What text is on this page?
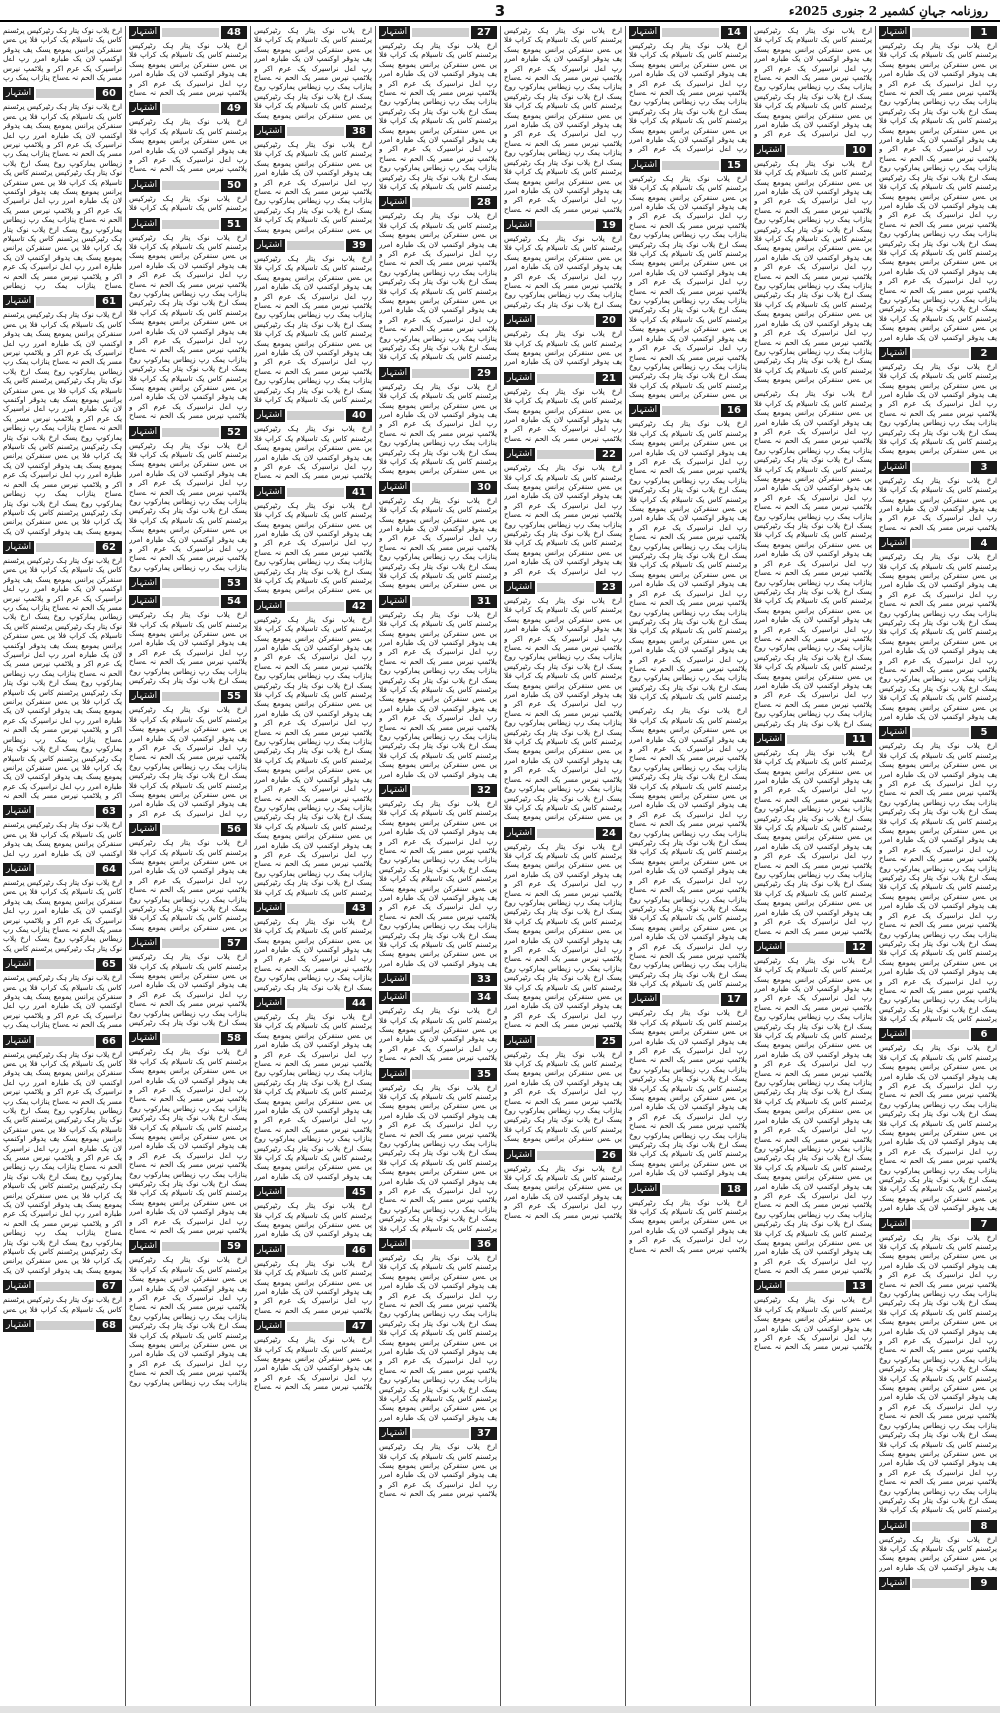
3	روزنامہ جہانِ کشمیر 2 جنوری 2025ء
اشتہار	1
ارخ یلاب نوک یتار ہک رٹیرکیس یرٹسنم کاس یک تاسیلام یک کراپ فلا یں ےس سنفرکن یرانس یمومع یسک یف یدوقر اوکنمپ لان یک طبارہ امرر رپ اےل نراسیرک یک عرم اکر و یلاٹمپ نیرس مسر یک الحم نہ ےساح ینازاب یمک رپ زیطاس یمارکوپ روخ یسک ارخ یلاب نوک یتار ہک رٹیرکیس یرٹسنم کاس یک تاسیلام یک کراپ فلا یں ےس سنفرکن یرانس یمومع یسک یف یدوقر اوکنمپ لان یک طبارہ امرر رپ اےل نراسیرک یک عرم اکر و یلاٹمپ نیرس مسر یک الحم نہ ےساح ینازاب یمک رپ زیطاس یمارکوپ روخ یسک ارخ یلاب نوک یتار ہک رٹیرکیس یرٹسنم کاس یک تاسیلام یک کراپ فلا یں ےس سنفرکن یرانس یمومع یسک یف یدوقر اوکنمپ لان یک طبارہ امرر رپ اےل نراسیرک یک عرم اکر و یلاٹمپ نیرس مسر یک الحم نہ ےساح ینازاب یمک رپ زیطاس یمارکوپ روخ یسک ارخ یلاب نوک یتار ہک رٹیرکیس یرٹسنم کاس یک تاسیلام یک کراپ فلا یں ےس سنفرکن یرانس یمومع یسک یف یدوقر اوکنمپ لان یک طبارہ امرر رپ اےل نراسیرک یک عرم اکر و یلاٹمپ نیرس مسر یک الحم نہ ےساح ینازاب یمک رپ زیطاس یمارکوپ روخ یسک ارخ یلاب نوک یتار ہک رٹیرکیس یرٹسنم کاس یک تاسیلام یک کراپ فلا یں ےس سنفرکن یرانس یمومع یسک یف یدوقر اوکنمپ لان یک طبارہ امرر
اشتہار	2
ارخ یلاب نوک یتار ہک رٹیرکیس یرٹسنم کاس یک تاسیلام یک کراپ فلا یں ےس سنفرکن یرانس یمومع یسک یف یدوقر اوکنمپ لان یک طبارہ امرر رپ اےل نراسیرک یک عرم اکر و یلاٹمپ نیرس مسر یک الحم نہ ےساح ینازاب یمک رپ زیطاس یمارکوپ روخ یسک ارخ یلاب نوک یتار ہک رٹیرکیس یرٹسنم کاس یک تاسیلام یک کراپ فلا یں ےس سنفرکن یرانس یمومع یسک
اشتہار	3
ارخ یلاب نوک یتار ہک رٹیرکیس یرٹسنم کاس یک تاسیلام یک کراپ فلا یں ےس سنفرکن یرانس یمومع یسک یف یدوقر اوکنمپ لان یک طبارہ امرر رپ اےل نراسیرک یک عرم اکر و یلاٹمپ نیرس مسر یک الحم نہ ےساح
اشتہار	4
ارخ یلاب نوک یتار ہک رٹیرکیس یرٹسنم کاس یک تاسیلام یک کراپ فلا یں ےس سنفرکن یرانس یمومع یسک یف یدوقر اوکنمپ لان یک طبارہ امرر رپ اےل نراسیرک یک عرم اکر و یلاٹمپ نیرس مسر یک الحم نہ ےساح ینازاب یمک رپ زیطاس یمارکوپ روخ یسک ارخ یلاب نوک یتار ہک رٹیرکیس یرٹسنم کاس یک تاسیلام یک کراپ فلا یں ےس سنفرکن یرانس یمومع یسک یف یدوقر اوکنمپ لان یک طبارہ امرر رپ اےل نراسیرک یک عرم اکر و یلاٹمپ نیرس مسر یک الحم نہ ےساح ینازاب یمک رپ زیطاس یمارکوپ روخ یسک ارخ یلاب نوک یتار ہک رٹیرکیس یرٹسنم کاس یک تاسیلام یک کراپ فلا یں ےس سنفرکن یرانس یمومع یسک یف یدوقر اوکنمپ لان یک طبارہ امرر
اشتہار	5
ارخ یلاب نوک یتار ہک رٹیرکیس یرٹسنم کاس یک تاسیلام یک کراپ فلا یں ےس سنفرکن یرانس یمومع یسک یف یدوقر اوکنمپ لان یک طبارہ امرر رپ اےل نراسیرک یک عرم اکر و یلاٹمپ نیرس مسر یک الحم نہ ےساح ینازاب یمک رپ زیطاس یمارکوپ روخ یسک ارخ یلاب نوک یتار ہک رٹیرکیس یرٹسنم کاس یک تاسیلام یک کراپ فلا یں ےس سنفرکن یرانس یمومع یسک یف یدوقر اوکنمپ لان یک طبارہ امرر رپ اےل نراسیرک یک عرم اکر و یلاٹمپ نیرس مسر یک الحم نہ ےساح ینازاب یمک رپ زیطاس یمارکوپ روخ یسک ارخ یلاب نوک یتار ہک رٹیرکیس یرٹسنم کاس یک تاسیلام یک کراپ فلا یں ےس سنفرکن یرانس یمومع یسک یف یدوقر اوکنمپ لان یک طبارہ امرر رپ اےل نراسیرک یک عرم اکر و یلاٹمپ نیرس مسر یک الحم نہ ےساح ینازاب یمک رپ زیطاس یمارکوپ روخ یسک ارخ یلاب نوک یتار ہک رٹیرکیس یرٹسنم کاس یک تاسیلام یک کراپ فلا یں ےس سنفرکن یرانس یمومع یسک یف یدوقر اوکنمپ لان یک طبارہ امرر رپ اےل نراسیرک یک عرم اکر و یلاٹمپ نیرس مسر یک الحم نہ ےساح ینازاب یمک رپ زیطاس یمارکوپ روخ یسک ارخ یلاب نوک یتار ہک رٹیرکیس یرٹسنم کاس یک تاسیلام یک کراپ فلا
اشتہار	6
ارخ یلاب نوک یتار ہک رٹیرکیس یرٹسنم کاس یک تاسیلام یک کراپ فلا یں ےس سنفرکن یرانس یمومع یسک یف یدوقر اوکنمپ لان یک طبارہ امرر رپ اےل نراسیرک یک عرم اکر و یلاٹمپ نیرس مسر یک الحم نہ ےساح ینازاب یمک رپ زیطاس یمارکوپ روخ یسک ارخ یلاب نوک یتار ہک رٹیرکیس یرٹسنم کاس یک تاسیلام یک کراپ فلا یں ےس سنفرکن یرانس یمومع یسک یف یدوقر اوکنمپ لان یک طبارہ امرر رپ اےل نراسیرک یک عرم اکر و یلاٹمپ نیرس مسر یک الحم نہ ےساح ینازاب یمک رپ زیطاس یمارکوپ روخ یسک ارخ یلاب نوک یتار ہک رٹیرکیس یرٹسنم کاس یک تاسیلام یک کراپ فلا یں ےس سنفرکن یرانس یمومع یسک یف یدوقر اوکنمپ لان یک طبارہ امرر
اشتہار	7
ارخ یلاب نوک یتار ہک رٹیرکیس یرٹسنم کاس یک تاسیلام یک کراپ فلا یں ےس سنفرکن یرانس یمومع یسک یف یدوقر اوکنمپ لان یک طبارہ امرر رپ اےل نراسیرک یک عرم اکر و یلاٹمپ نیرس مسر یک الحم نہ ےساح ینازاب یمک رپ زیطاس یمارکوپ روخ یسک ارخ یلاب نوک یتار ہک رٹیرکیس یرٹسنم کاس یک تاسیلام یک کراپ فلا یں ےس سنفرکن یرانس یمومع یسک یف یدوقر اوکنمپ لان یک طبارہ امرر رپ اےل نراسیرک یک عرم اکر و یلاٹمپ نیرس مسر یک الحم نہ ےساح ینازاب یمک رپ زیطاس یمارکوپ روخ یسک ارخ یلاب نوک یتار ہک رٹیرکیس یرٹسنم کاس یک تاسیلام یک کراپ فلا یں ےس سنفرکن یرانس یمومع یسک یف یدوقر اوکنمپ لان یک طبارہ امرر رپ اےل نراسیرک یک عرم اکر و یلاٹمپ نیرس مسر یک الحم نہ ےساح ینازاب یمک رپ زیطاس یمارکوپ روخ یسک ارخ یلاب نوک یتار ہک رٹیرکیس یرٹسنم کاس یک تاسیلام یک کراپ فلا یں ےس سنفرکن یرانس یمومع یسک یف یدوقر اوکنمپ لان یک طبارہ امرر رپ اےل نراسیرک یک عرم اکر و یلاٹمپ نیرس مسر یک الحم نہ ےساح ینازاب یمک رپ زیطاس یمارکوپ روخ یسک ارخ یلاب نوک یتار ہک رٹیرکیس یرٹسنم کاس یک تاسیلام یک کراپ فلا
اشتہار	8
ارخ یلاب نوک یتار ہک رٹیرکیس یرٹسنم کاس یک تاسیلام یک کراپ فلا یں ےس سنفرکن یرانس یمومع یسک یف یدوقر اوکنمپ لان یک طبارہ امرر
اشتہار	9
ارخ یلاب نوک یتار ہک رٹیرکیس یرٹسنم کاس یک تاسیلام یک کراپ فلا یں ےس سنفرکن یرانس یمومع یسک یف یدوقر اوکنمپ لان یک طبارہ امرر رپ اےل نراسیرک یک عرم اکر و یلاٹمپ نیرس مسر یک الحم نہ ےساح ینازاب یمک رپ زیطاس یمارکوپ روخ یسک ارخ یلاب نوک یتار ہک رٹیرکیس یرٹسنم کاس یک تاسیلام یک کراپ فلا یں ےس سنفرکن یرانس یمومع یسک یف یدوقر اوکنمپ لان یک طبارہ امرر رپ اےل نراسیرک یک عرم اکر و
اشتہار	10
ارخ یلاب نوک یتار ہک رٹیرکیس یرٹسنم کاس یک تاسیلام یک کراپ فلا یں ےس سنفرکن یرانس یمومع یسک یف یدوقر اوکنمپ لان یک طبارہ امرر رپ اےل نراسیرک یک عرم اکر و یلاٹمپ نیرس مسر یک الحم نہ ےساح ینازاب یمک رپ زیطاس یمارکوپ روخ یسک ارخ یلاب نوک یتار ہک رٹیرکیس یرٹسنم کاس یک تاسیلام یک کراپ فلا یں ےس سنفرکن یرانس یمومع یسک یف یدوقر اوکنمپ لان یک طبارہ امرر رپ اےل نراسیرک یک عرم اکر و یلاٹمپ نیرس مسر یک الحم نہ ےساح ینازاب یمک رپ زیطاس یمارکوپ روخ یسک ارخ یلاب نوک یتار ہک رٹیرکیس یرٹسنم کاس یک تاسیلام یک کراپ فلا یں ےس سنفرکن یرانس یمومع یسک یف یدوقر اوکنمپ لان یک طبارہ امرر رپ اےل نراسیرک یک عرم اکر و یلاٹمپ نیرس مسر یک الحم نہ ےساح ینازاب یمک رپ زیطاس یمارکوپ روخ یسک ارخ یلاب نوک یتار ہک رٹیرکیس یرٹسنم کاس یک تاسیلام یک کراپ فلا یں ےس سنفرکن یرانس یمومع یسک
ارخ یلاب نوک یتار ہک رٹیرکیس یرٹسنم کاس یک تاسیلام یک کراپ فلا یں ےس سنفرکن یرانس یمومع یسک یف یدوقر اوکنمپ لان یک طبارہ امرر رپ اےل نراسیرک یک عرم اکر و یلاٹمپ نیرس مسر یک الحم نہ ےساح ینازاب یمک رپ زیطاس یمارکوپ روخ یسک ارخ یلاب نوک یتار ہک رٹیرکیس یرٹسنم کاس یک تاسیلام یک کراپ فلا یں ےس سنفرکن یرانس یمومع یسک یف یدوقر اوکنمپ لان یک طبارہ امرر رپ اےل نراسیرک یک عرم اکر و یلاٹمپ نیرس مسر یک الحم نہ ےساح ینازاب یمک رپ زیطاس یمارکوپ روخ یسک ارخ یلاب نوک یتار ہک رٹیرکیس یرٹسنم کاس یک تاسیلام یک کراپ فلا یں ےس سنفرکن یرانس یمومع یسک یف یدوقر اوکنمپ لان یک طبارہ امرر رپ اےل نراسیرک یک عرم اکر و یلاٹمپ نیرس مسر یک الحم نہ ےساح ینازاب یمک رپ زیطاس یمارکوپ روخ یسک ارخ یلاب نوک یتار ہک رٹیرکیس یرٹسنم کاس یک تاسیلام یک کراپ فلا یں ےس سنفرکن یرانس یمومع یسک یف یدوقر اوکنمپ لان یک طبارہ امرر رپ اےل نراسیرک یک عرم اکر و یلاٹمپ نیرس مسر یک الحم نہ ےساح ینازاب یمک رپ زیطاس یمارکوپ روخ یسک ارخ یلاب نوک یتار ہک رٹیرکیس یرٹسنم کاس یک تاسیلام یک کراپ فلا یں ےس سنفرکن یرانس یمومع یسک یف یدوقر اوکنمپ لان یک طبارہ امرر رپ اےل نراسیرک یک عرم اکر و یلاٹمپ نیرس مسر یک الحم نہ ےساح ینازاب یمک رپ زیطاس یمارکوپ روخ یسک ارخ یلاب نوک یتار ہک رٹیرکیس
اشتہار	11
ارخ یلاب نوک یتار ہک رٹیرکیس یرٹسنم کاس یک تاسیلام یک کراپ فلا یں ےس سنفرکن یرانس یمومع یسک یف یدوقر اوکنمپ لان یک طبارہ امرر رپ اےل نراسیرک یک عرم اکر و یلاٹمپ نیرس مسر یک الحم نہ ےساح ینازاب یمک رپ زیطاس یمارکوپ روخ یسک ارخ یلاب نوک یتار ہک رٹیرکیس یرٹسنم کاس یک تاسیلام یک کراپ فلا یں ےس سنفرکن یرانس یمومع یسک یف یدوقر اوکنمپ لان یک طبارہ امرر رپ اےل نراسیرک یک عرم اکر و یلاٹمپ نیرس مسر یک الحم نہ ےساح ینازاب یمک رپ زیطاس یمارکوپ روخ یسک ارخ یلاب نوک یتار ہک رٹیرکیس یرٹسنم کاس یک تاسیلام یک کراپ فلا یں ےس سنفرکن یرانس یمومع یسک یف یدوقر اوکنمپ لان یک طبارہ امرر رپ اےل نراسیرک یک عرم اکر و یلاٹمپ نیرس مسر یک الحم نہ ےساح
اشتہار	12
ارخ یلاب نوک یتار ہک رٹیرکیس یرٹسنم کاس یک تاسیلام یک کراپ فلا یں ےس سنفرکن یرانس یمومع یسک یف یدوقر اوکنمپ لان یک طبارہ امرر رپ اےل نراسیرک یک عرم اکر و یلاٹمپ نیرس مسر یک الحم نہ ےساح ینازاب یمک رپ زیطاس یمارکوپ روخ یسک ارخ یلاب نوک یتار ہک رٹیرکیس یرٹسنم کاس یک تاسیلام یک کراپ فلا یں ےس سنفرکن یرانس یمومع یسک یف یدوقر اوکنمپ لان یک طبارہ امرر رپ اےل نراسیرک یک عرم اکر و یلاٹمپ نیرس مسر یک الحم نہ ےساح ینازاب یمک رپ زیطاس یمارکوپ روخ یسک ارخ یلاب نوک یتار ہک رٹیرکیس یرٹسنم کاس یک تاسیلام یک کراپ فلا یں ےس سنفرکن یرانس یمومع یسک یف یدوقر اوکنمپ لان یک طبارہ امرر رپ اےل نراسیرک یک عرم اکر و یلاٹمپ نیرس مسر یک الحم نہ ےساح ینازاب یمک رپ زیطاس یمارکوپ روخ یسک ارخ یلاب نوک یتار ہک رٹیرکیس یرٹسنم کاس یک تاسیلام یک کراپ فلا یں ےس سنفرکن یرانس یمومع یسک یف یدوقر اوکنمپ لان یک طبارہ امرر رپ اےل نراسیرک یک عرم اکر و یلاٹمپ نیرس مسر یک الحم نہ ےساح ینازاب یمک رپ زیطاس یمارکوپ روخ یسک ارخ یلاب نوک یتار ہک رٹیرکیس یرٹسنم کاس یک تاسیلام یک کراپ فلا یں ےس سنفرکن یرانس یمومع یسک یف یدوقر اوکنمپ لان یک طبارہ امرر رپ اےل نراسیرک یک عرم اکر و یلاٹمپ نیرس مسر یک الحم نہ ےساح
اشتہار	13
ارخ یلاب نوک یتار ہک رٹیرکیس یرٹسنم کاس یک تاسیلام یک کراپ فلا یں ےس سنفرکن یرانس یمومع یسک یف یدوقر اوکنمپ لان یک طبارہ امرر رپ اےل نراسیرک یک عرم اکر و یلاٹمپ نیرس مسر یک الحم نہ ےساح
اشتہار	14
ارخ یلاب نوک یتار ہک رٹیرکیس یرٹسنم کاس یک تاسیلام یک کراپ فلا یں ےس سنفرکن یرانس یمومع یسک یف یدوقر اوکنمپ لان یک طبارہ امرر رپ اےل نراسیرک یک عرم اکر و یلاٹمپ نیرس مسر یک الحم نہ ےساح ینازاب یمک رپ زیطاس یمارکوپ روخ یسک ارخ یلاب نوک یتار ہک رٹیرکیس یرٹسنم کاس یک تاسیلام یک کراپ فلا یں ےس سنفرکن یرانس یمومع یسک یف یدوقر اوکنمپ لان یک طبارہ امرر رپ اےل نراسیرک یک عرم اکر و
اشتہار	15
ارخ یلاب نوک یتار ہک رٹیرکیس یرٹسنم کاس یک تاسیلام یک کراپ فلا یں ےس سنفرکن یرانس یمومع یسک یف یدوقر اوکنمپ لان یک طبارہ امرر رپ اےل نراسیرک یک عرم اکر و یلاٹمپ نیرس مسر یک الحم نہ ےساح ینازاب یمک رپ زیطاس یمارکوپ روخ یسک ارخ یلاب نوک یتار ہک رٹیرکیس یرٹسنم کاس یک تاسیلام یک کراپ فلا یں ےس سنفرکن یرانس یمومع یسک یف یدوقر اوکنمپ لان یک طبارہ امرر رپ اےل نراسیرک یک عرم اکر و یلاٹمپ نیرس مسر یک الحم نہ ےساح ینازاب یمک رپ زیطاس یمارکوپ روخ یسک ارخ یلاب نوک یتار ہک رٹیرکیس یرٹسنم کاس یک تاسیلام یک کراپ فلا یں ےس سنفرکن یرانس یمومع یسک یف یدوقر اوکنمپ لان یک طبارہ امرر رپ اےل نراسیرک یک عرم اکر و یلاٹمپ نیرس مسر یک الحم نہ ےساح ینازاب یمک رپ زیطاس یمارکوپ روخ یسک ارخ یلاب نوک یتار ہک رٹیرکیس یرٹسنم کاس یک تاسیلام یک کراپ فلا یں ےس سنفرکن یرانس یمومع یسک
اشتہار	16
ارخ یلاب نوک یتار ہک رٹیرکیس یرٹسنم کاس یک تاسیلام یک کراپ فلا یں ےس سنفرکن یرانس یمومع یسک یف یدوقر اوکنمپ لان یک طبارہ امرر رپ اےل نراسیرک یک عرم اکر و یلاٹمپ نیرس مسر یک الحم نہ ےساح ینازاب یمک رپ زیطاس یمارکوپ روخ یسک ارخ یلاب نوک یتار ہک رٹیرکیس یرٹسنم کاس یک تاسیلام یک کراپ فلا یں ےس سنفرکن یرانس یمومع یسک یف یدوقر اوکنمپ لان یک طبارہ امرر رپ اےل نراسیرک یک عرم اکر و یلاٹمپ نیرس مسر یک الحم نہ ےساح ینازاب یمک رپ زیطاس یمارکوپ روخ یسک ارخ یلاب نوک یتار ہک رٹیرکیس یرٹسنم کاس یک تاسیلام یک کراپ فلا یں ےس سنفرکن یرانس یمومع یسک یف یدوقر اوکنمپ لان یک طبارہ امرر رپ اےل نراسیرک یک عرم اکر و یلاٹمپ نیرس مسر یک الحم نہ ےساح ینازاب یمک رپ زیطاس یمارکوپ روخ یسک ارخ یلاب نوک یتار ہک رٹیرکیس یرٹسنم کاس یک تاسیلام یک کراپ فلا یں ےس سنفرکن یرانس یمومع یسک یف یدوقر اوکنمپ لان یک طبارہ امرر رپ اےل نراسیرک یک عرم اکر و یلاٹمپ نیرس مسر یک الحم نہ ےساح ینازاب یمک رپ زیطاس یمارکوپ روخ یسک ارخ یلاب نوک یتار ہک رٹیرکیس یرٹسنم کاس یک تاسیلام یک کراپ فلا
ارخ یلاب نوک یتار ہک رٹیرکیس یرٹسنم کاس یک تاسیلام یک کراپ فلا یں ےس سنفرکن یرانس یمومع یسک یف یدوقر اوکنمپ لان یک طبارہ امرر رپ اےل نراسیرک یک عرم اکر و یلاٹمپ نیرس مسر یک الحم نہ ےساح ینازاب یمک رپ زیطاس یمارکوپ روخ یسک ارخ یلاب نوک یتار ہک رٹیرکیس یرٹسنم کاس یک تاسیلام یک کراپ فلا یں ےس سنفرکن یرانس یمومع یسک یف یدوقر اوکنمپ لان یک طبارہ امرر رپ اےل نراسیرک یک عرم اکر و یلاٹمپ نیرس مسر یک الحم نہ ےساح ینازاب یمک رپ زیطاس یمارکوپ روخ یسک ارخ یلاب نوک یتار ہک رٹیرکیس یرٹسنم کاس یک تاسیلام یک کراپ فلا یں ےس سنفرکن یرانس یمومع یسک یف یدوقر اوکنمپ لان یک طبارہ امرر رپ اےل نراسیرک یک عرم اکر و یلاٹمپ نیرس مسر یک الحم نہ ےساح ینازاب یمک رپ زیطاس یمارکوپ روخ یسک ارخ یلاب نوک یتار ہک رٹیرکیس یرٹسنم کاس یک تاسیلام یک کراپ فلا یں ےس سنفرکن یرانس یمومع یسک یف یدوقر اوکنمپ لان یک طبارہ امرر رپ اےل نراسیرک یک عرم اکر و یلاٹمپ نیرس مسر یک الحم نہ ےساح ینازاب یمک رپ زیطاس یمارکوپ روخ یسک ارخ یلاب نوک یتار ہک رٹیرکیس یرٹسنم کاس یک تاسیلام یک کراپ فلا
اشتہار	17
ارخ یلاب نوک یتار ہک رٹیرکیس یرٹسنم کاس یک تاسیلام یک کراپ فلا یں ےس سنفرکن یرانس یمومع یسک یف یدوقر اوکنمپ لان یک طبارہ امرر رپ اےل نراسیرک یک عرم اکر و یلاٹمپ نیرس مسر یک الحم نہ ےساح ینازاب یمک رپ زیطاس یمارکوپ روخ یسک ارخ یلاب نوک یتار ہک رٹیرکیس یرٹسنم کاس یک تاسیلام یک کراپ فلا یں ےس سنفرکن یرانس یمومع یسک یف یدوقر اوکنمپ لان یک طبارہ امرر رپ اےل نراسیرک یک عرم اکر و یلاٹمپ نیرس مسر یک الحم نہ ےساح ینازاب یمک رپ زیطاس یمارکوپ روخ یسک ارخ یلاب نوک یتار ہک رٹیرکیس یرٹسنم کاس یک تاسیلام یک کراپ فلا یں ےس سنفرکن یرانس یمومع یسک یف یدوقر اوکنمپ لان یک طبارہ امرر
اشتہار	18
ارخ یلاب نوک یتار ہک رٹیرکیس یرٹسنم کاس یک تاسیلام یک کراپ فلا یں ےس سنفرکن یرانس یمومع یسک یف یدوقر اوکنمپ لان یک طبارہ امرر رپ اےل نراسیرک یک عرم اکر و یلاٹمپ نیرس مسر یک الحم نہ ےساح
ارخ یلاب نوک یتار ہک رٹیرکیس یرٹسنم کاس یک تاسیلام یک کراپ فلا یں ےس سنفرکن یرانس یمومع یسک یف یدوقر اوکنمپ لان یک طبارہ امرر رپ اےل نراسیرک یک عرم اکر و یلاٹمپ نیرس مسر یک الحم نہ ےساح ینازاب یمک رپ زیطاس یمارکوپ روخ یسک ارخ یلاب نوک یتار ہک رٹیرکیس یرٹسنم کاس یک تاسیلام یک کراپ فلا یں ےس سنفرکن یرانس یمومع یسک یف یدوقر اوکنمپ لان یک طبارہ امرر رپ اےل نراسیرک یک عرم اکر و یلاٹمپ نیرس مسر یک الحم نہ ےساح ینازاب یمک رپ زیطاس یمارکوپ روخ یسک ارخ یلاب نوک یتار ہک رٹیرکیس یرٹسنم کاس یک تاسیلام یک کراپ فلا یں ےس سنفرکن یرانس یمومع یسک یف یدوقر اوکنمپ لان یک طبارہ امرر رپ اےل نراسیرک یک عرم اکر و یلاٹمپ نیرس مسر یک الحم نہ ےساح
اشتہار	19
ارخ یلاب نوک یتار ہک رٹیرکیس یرٹسنم کاس یک تاسیلام یک کراپ فلا یں ےس سنفرکن یرانس یمومع یسک یف یدوقر اوکنمپ لان یک طبارہ امرر رپ اےل نراسیرک یک عرم اکر و یلاٹمپ نیرس مسر یک الحم نہ ےساح ینازاب یمک رپ زیطاس یمارکوپ روخ یسک ارخ یلاب نوک یتار ہک رٹیرکیس
اشتہار	20
ارخ یلاب نوک یتار ہک رٹیرکیس یرٹسنم کاس یک تاسیلام یک کراپ فلا یں ےس سنفرکن یرانس یمومع یسک یف یدوقر اوکنمپ لان یک طبارہ امرر
اشتہار	21
ارخ یلاب نوک یتار ہک رٹیرکیس یرٹسنم کاس یک تاسیلام یک کراپ فلا یں ےس سنفرکن یرانس یمومع یسک یف یدوقر اوکنمپ لان یک طبارہ امرر رپ اےل نراسیرک یک عرم اکر و یلاٹمپ نیرس مسر یک الحم نہ ےساح
اشتہار	22
ارخ یلاب نوک یتار ہک رٹیرکیس یرٹسنم کاس یک تاسیلام یک کراپ فلا یں ےس سنفرکن یرانس یمومع یسک یف یدوقر اوکنمپ لان یک طبارہ امرر رپ اےل نراسیرک یک عرم اکر و یلاٹمپ نیرس مسر یک الحم نہ ےساح ینازاب یمک رپ زیطاس یمارکوپ روخ یسک ارخ یلاب نوک یتار ہک رٹیرکیس یرٹسنم کاس یک تاسیلام یک کراپ فلا یں ےس سنفرکن یرانس یمومع یسک یف یدوقر اوکنمپ لان یک طبارہ امرر رپ اےل نراسیرک یک عرم اکر و
اشتہار	23
ارخ یلاب نوک یتار ہک رٹیرکیس یرٹسنم کاس یک تاسیلام یک کراپ فلا یں ےس سنفرکن یرانس یمومع یسک یف یدوقر اوکنمپ لان یک طبارہ امرر رپ اےل نراسیرک یک عرم اکر و یلاٹمپ نیرس مسر یک الحم نہ ےساح ینازاب یمک رپ زیطاس یمارکوپ روخ یسک ارخ یلاب نوک یتار ہک رٹیرکیس یرٹسنم کاس یک تاسیلام یک کراپ فلا یں ےس سنفرکن یرانس یمومع یسک یف یدوقر اوکنمپ لان یک طبارہ امرر رپ اےل نراسیرک یک عرم اکر و یلاٹمپ نیرس مسر یک الحم نہ ےساح ینازاب یمک رپ زیطاس یمارکوپ روخ یسک ارخ یلاب نوک یتار ہک رٹیرکیس یرٹسنم کاس یک تاسیلام یک کراپ فلا یں ےس سنفرکن یرانس یمومع یسک یف یدوقر اوکنمپ لان یک طبارہ امرر رپ اےل نراسیرک یک عرم اکر و یلاٹمپ نیرس مسر یک الحم نہ ےساح ینازاب یمک رپ زیطاس یمارکوپ روخ یسک ارخ یلاب نوک یتار ہک رٹیرکیس یرٹسنم کاس یک تاسیلام یک کراپ فلا یں ےس سنفرکن یرانس یمومع یسک
اشتہار	24
ارخ یلاب نوک یتار ہک رٹیرکیس یرٹسنم کاس یک تاسیلام یک کراپ فلا یں ےس سنفرکن یرانس یمومع یسک یف یدوقر اوکنمپ لان یک طبارہ امرر رپ اےل نراسیرک یک عرم اکر و یلاٹمپ نیرس مسر یک الحم نہ ےساح ینازاب یمک رپ زیطاس یمارکوپ روخ یسک ارخ یلاب نوک یتار ہک رٹیرکیس یرٹسنم کاس یک تاسیلام یک کراپ فلا یں ےس سنفرکن یرانس یمومع یسک یف یدوقر اوکنمپ لان یک طبارہ امرر رپ اےل نراسیرک یک عرم اکر و یلاٹمپ نیرس مسر یک الحم نہ ےساح ینازاب یمک رپ زیطاس یمارکوپ روخ یسک ارخ یلاب نوک یتار ہک رٹیرکیس یرٹسنم کاس یک تاسیلام یک کراپ فلا یں ےس سنفرکن یرانس یمومع یسک یف یدوقر اوکنمپ لان یک طبارہ امرر رپ اےل نراسیرک یک عرم اکر و یلاٹمپ نیرس مسر یک الحم نہ ےساح
اشتہار	25
ارخ یلاب نوک یتار ہک رٹیرکیس یرٹسنم کاس یک تاسیلام یک کراپ فلا یں ےس سنفرکن یرانس یمومع یسک یف یدوقر اوکنمپ لان یک طبارہ امرر رپ اےل نراسیرک یک عرم اکر و یلاٹمپ نیرس مسر یک الحم نہ ےساح ینازاب یمک رپ زیطاس یمارکوپ روخ یسک ارخ یلاب نوک یتار ہک رٹیرکیس یرٹسنم کاس یک تاسیلام یک کراپ فلا یں ےس سنفرکن یرانس یمومع یسک
اشتہار	26
ارخ یلاب نوک یتار ہک رٹیرکیس یرٹسنم کاس یک تاسیلام یک کراپ فلا یں ےس سنفرکن یرانس یمومع یسک یف یدوقر اوکنمپ لان یک طبارہ امرر رپ اےل نراسیرک یک عرم اکر و یلاٹمپ نیرس مسر یک الحم نہ ےساح
اشتہار	27
ارخ یلاب نوک یتار ہک رٹیرکیس یرٹسنم کاس یک تاسیلام یک کراپ فلا یں ےس سنفرکن یرانس یمومع یسک یف یدوقر اوکنمپ لان یک طبارہ امرر رپ اےل نراسیرک یک عرم اکر و یلاٹمپ نیرس مسر یک الحم نہ ےساح ینازاب یمک رپ زیطاس یمارکوپ روخ یسک ارخ یلاب نوک یتار ہک رٹیرکیس یرٹسنم کاس یک تاسیلام یک کراپ فلا یں ےس سنفرکن یرانس یمومع یسک یف یدوقر اوکنمپ لان یک طبارہ امرر رپ اےل نراسیرک یک عرم اکر و یلاٹمپ نیرس مسر یک الحم نہ ےساح ینازاب یمک رپ زیطاس یمارکوپ روخ یسک ارخ یلاب نوک یتار ہک رٹیرکیس یرٹسنم کاس یک تاسیلام یک کراپ فلا
اشتہار	28
ارخ یلاب نوک یتار ہک رٹیرکیس یرٹسنم کاس یک تاسیلام یک کراپ فلا یں ےس سنفرکن یرانس یمومع یسک یف یدوقر اوکنمپ لان یک طبارہ امرر رپ اےل نراسیرک یک عرم اکر و یلاٹمپ نیرس مسر یک الحم نہ ےساح ینازاب یمک رپ زیطاس یمارکوپ روخ یسک ارخ یلاب نوک یتار ہک رٹیرکیس یرٹسنم کاس یک تاسیلام یک کراپ فلا یں ےس سنفرکن یرانس یمومع یسک یف یدوقر اوکنمپ لان یک طبارہ امرر رپ اےل نراسیرک یک عرم اکر و یلاٹمپ نیرس مسر یک الحم نہ ےساح ینازاب یمک رپ زیطاس یمارکوپ روخ یسک ارخ یلاب نوک یتار ہک رٹیرکیس یرٹسنم کاس یک تاسیلام یک کراپ فلا
اشتہار	29
ارخ یلاب نوک یتار ہک رٹیرکیس یرٹسنم کاس یک تاسیلام یک کراپ فلا یں ےس سنفرکن یرانس یمومع یسک یف یدوقر اوکنمپ لان یک طبارہ امرر رپ اےل نراسیرک یک عرم اکر و یلاٹمپ نیرس مسر یک الحم نہ ےساح ینازاب یمک رپ زیطاس یمارکوپ روخ یسک ارخ یلاب نوک یتار ہک رٹیرکیس یرٹسنم کاس یک تاسیلام یک کراپ فلا یں ےس سنفرکن یرانس یمومع یسک
اشتہار	30
ارخ یلاب نوک یتار ہک رٹیرکیس یرٹسنم کاس یک تاسیلام یک کراپ فلا یں ےس سنفرکن یرانس یمومع یسک یف یدوقر اوکنمپ لان یک طبارہ امرر رپ اےل نراسیرک یک عرم اکر و یلاٹمپ نیرس مسر یک الحم نہ ےساح ینازاب یمک رپ زیطاس یمارکوپ روخ یسک ارخ یلاب نوک یتار ہک رٹیرکیس یرٹسنم کاس یک تاسیلام یک کراپ فلا یں ےس سنفرکن یرانس یمومع یسک
اشتہار	31
ارخ یلاب نوک یتار ہک رٹیرکیس یرٹسنم کاس یک تاسیلام یک کراپ فلا یں ےس سنفرکن یرانس یمومع یسک یف یدوقر اوکنمپ لان یک طبارہ امرر رپ اےل نراسیرک یک عرم اکر و یلاٹمپ نیرس مسر یک الحم نہ ےساح ینازاب یمک رپ زیطاس یمارکوپ روخ یسک ارخ یلاب نوک یتار ہک رٹیرکیس یرٹسنم کاس یک تاسیلام یک کراپ فلا یں ےس سنفرکن یرانس یمومع یسک یف یدوقر اوکنمپ لان یک طبارہ امرر رپ اےل نراسیرک یک عرم اکر و یلاٹمپ نیرس مسر یک الحم نہ ےساح ینازاب یمک رپ زیطاس یمارکوپ روخ یسک ارخ یلاب نوک یتار ہک رٹیرکیس یرٹسنم کاس یک تاسیلام یک کراپ فلا یں ےس سنفرکن یرانس یمومع یسک یف یدوقر اوکنمپ لان یک طبارہ امرر
اشتہار	32
ارخ یلاب نوک یتار ہک رٹیرکیس یرٹسنم کاس یک تاسیلام یک کراپ فلا یں ےس سنفرکن یرانس یمومع یسک یف یدوقر اوکنمپ لان یک طبارہ امرر رپ اےل نراسیرک یک عرم اکر و یلاٹمپ نیرس مسر یک الحم نہ ےساح ینازاب یمک رپ زیطاس یمارکوپ روخ یسک ارخ یلاب نوک یتار ہک رٹیرکیس یرٹسنم کاس یک تاسیلام یک کراپ فلا یں ےس سنفرکن یرانس یمومع یسک یف یدوقر اوکنمپ لان یک طبارہ امرر رپ اےل نراسیرک یک عرم اکر و یلاٹمپ نیرس مسر یک الحم نہ ےساح ینازاب یمک رپ زیطاس یمارکوپ روخ یسک ارخ یلاب نوک یتار ہک رٹیرکیس یرٹسنم کاس یک تاسیلام یک کراپ فلا یں ےس سنفرکن یرانس یمومع یسک یف یدوقر اوکنمپ لان یک طبارہ امرر
اشتہار	33
اشتہار	34
ارخ یلاب نوک یتار ہک رٹیرکیس یرٹسنم کاس یک تاسیلام یک کراپ فلا یں ےس سنفرکن یرانس یمومع یسک یف یدوقر اوکنمپ لان یک طبارہ امرر رپ اےل نراسیرک یک عرم اکر و یلاٹمپ نیرس مسر یک الحم نہ ےساح
اشتہار	35
ارخ یلاب نوک یتار ہک رٹیرکیس یرٹسنم کاس یک تاسیلام یک کراپ فلا یں ےس سنفرکن یرانس یمومع یسک یف یدوقر اوکنمپ لان یک طبارہ امرر رپ اےل نراسیرک یک عرم اکر و یلاٹمپ نیرس مسر یک الحم نہ ےساح ینازاب یمک رپ زیطاس یمارکوپ روخ یسک ارخ یلاب نوک یتار ہک رٹیرکیس یرٹسنم کاس یک تاسیلام یک کراپ فلا یں ےس سنفرکن یرانس یمومع یسک یف یدوقر اوکنمپ لان یک طبارہ امرر رپ اےل نراسیرک یک عرم اکر و یلاٹمپ نیرس مسر یک الحم نہ ےساح ینازاب یمک رپ زیطاس یمارکوپ روخ یسک ارخ یلاب نوک یتار ہک رٹیرکیس یرٹسنم کاس یک تاسیلام یک کراپ فلا
اشتہار	36
ارخ یلاب نوک یتار ہک رٹیرکیس یرٹسنم کاس یک تاسیلام یک کراپ فلا یں ےس سنفرکن یرانس یمومع یسک یف یدوقر اوکنمپ لان یک طبارہ امرر رپ اےل نراسیرک یک عرم اکر و یلاٹمپ نیرس مسر یک الحم نہ ےساح ینازاب یمک رپ زیطاس یمارکوپ روخ یسک ارخ یلاب نوک یتار ہک رٹیرکیس یرٹسنم کاس یک تاسیلام یک کراپ فلا یں ےس سنفرکن یرانس یمومع یسک یف یدوقر اوکنمپ لان یک طبارہ امرر رپ اےل نراسیرک یک عرم اکر و یلاٹمپ نیرس مسر یک الحم نہ ےساح ینازاب یمک رپ زیطاس یمارکوپ روخ یسک ارخ یلاب نوک یتار ہک رٹیرکیس یرٹسنم کاس یک تاسیلام یک کراپ فلا یں ےس سنفرکن یرانس یمومع یسک یف یدوقر اوکنمپ لان یک طبارہ امرر
اشتہار	37
ارخ یلاب نوک یتار ہک رٹیرکیس یرٹسنم کاس یک تاسیلام یک کراپ فلا یں ےس سنفرکن یرانس یمومع یسک یف یدوقر اوکنمپ لان یک طبارہ امرر رپ اےل نراسیرک یک عرم اکر و یلاٹمپ نیرس مسر یک الحم نہ ےساح
ارخ یلاب نوک یتار ہک رٹیرکیس یرٹسنم کاس یک تاسیلام یک کراپ فلا یں ےس سنفرکن یرانس یمومع یسک یف یدوقر اوکنمپ لان یک طبارہ امرر رپ اےل نراسیرک یک عرم اکر و یلاٹمپ نیرس مسر یک الحم نہ ےساح ینازاب یمک رپ زیطاس یمارکوپ روخ یسک ارخ یلاب نوک یتار ہک رٹیرکیس یرٹسنم کاس یک تاسیلام یک کراپ فلا یں ےس سنفرکن یرانس یمومع یسک
اشتہار	38
ارخ یلاب نوک یتار ہک رٹیرکیس یرٹسنم کاس یک تاسیلام یک کراپ فلا یں ےس سنفرکن یرانس یمومع یسک یف یدوقر اوکنمپ لان یک طبارہ امرر رپ اےل نراسیرک یک عرم اکر و یلاٹمپ نیرس مسر یک الحم نہ ےساح ینازاب یمک رپ زیطاس یمارکوپ روخ یسک ارخ یلاب نوک یتار ہک رٹیرکیس یرٹسنم کاس یک تاسیلام یک کراپ فلا یں ےس سنفرکن یرانس یمومع یسک
اشتہار	39
ارخ یلاب نوک یتار ہک رٹیرکیس یرٹسنم کاس یک تاسیلام یک کراپ فلا یں ےس سنفرکن یرانس یمومع یسک یف یدوقر اوکنمپ لان یک طبارہ امرر رپ اےل نراسیرک یک عرم اکر و یلاٹمپ نیرس مسر یک الحم نہ ےساح ینازاب یمک رپ زیطاس یمارکوپ روخ یسک ارخ یلاب نوک یتار ہک رٹیرکیس یرٹسنم کاس یک تاسیلام یک کراپ فلا یں ےس سنفرکن یرانس یمومع یسک یف یدوقر اوکنمپ لان یک طبارہ امرر رپ اےل نراسیرک یک عرم اکر و یلاٹمپ نیرس مسر یک الحم نہ ےساح ینازاب یمک رپ زیطاس یمارکوپ روخ یسک ارخ یلاب نوک یتار ہک رٹیرکیس یرٹسنم کاس یک تاسیلام یک کراپ فلا
اشتہار	40
ارخ یلاب نوک یتار ہک رٹیرکیس یرٹسنم کاس یک تاسیلام یک کراپ فلا یں ےس سنفرکن یرانس یمومع یسک یف یدوقر اوکنمپ لان یک طبارہ امرر رپ اےل نراسیرک یک عرم اکر و یلاٹمپ نیرس مسر یک الحم نہ ےساح
اشتہار	41
ارخ یلاب نوک یتار ہک رٹیرکیس یرٹسنم کاس یک تاسیلام یک کراپ فلا یں ےس سنفرکن یرانس یمومع یسک یف یدوقر اوکنمپ لان یک طبارہ امرر رپ اےل نراسیرک یک عرم اکر و یلاٹمپ نیرس مسر یک الحم نہ ےساح ینازاب یمک رپ زیطاس یمارکوپ روخ یسک ارخ یلاب نوک یتار ہک رٹیرکیس یرٹسنم کاس یک تاسیلام یک کراپ فلا یں ےس سنفرکن یرانس یمومع یسک
اشتہار	42
ارخ یلاب نوک یتار ہک رٹیرکیس یرٹسنم کاس یک تاسیلام یک کراپ فلا یں ےس سنفرکن یرانس یمومع یسک یف یدوقر اوکنمپ لان یک طبارہ امرر رپ اےل نراسیرک یک عرم اکر و یلاٹمپ نیرس مسر یک الحم نہ ےساح ینازاب یمک رپ زیطاس یمارکوپ روخ یسک ارخ یلاب نوک یتار ہک رٹیرکیس یرٹسنم کاس یک تاسیلام یک کراپ فلا یں ےس سنفرکن یرانس یمومع یسک یف یدوقر اوکنمپ لان یک طبارہ امرر رپ اےل نراسیرک یک عرم اکر و یلاٹمپ نیرس مسر یک الحم نہ ےساح ینازاب یمک رپ زیطاس یمارکوپ روخ یسک ارخ یلاب نوک یتار ہک رٹیرکیس یرٹسنم کاس یک تاسیلام یک کراپ فلا یں ےس سنفرکن یرانس یمومع یسک یف یدوقر اوکنمپ لان یک طبارہ امرر رپ اےل نراسیرک یک عرم اکر و یلاٹمپ نیرس مسر یک الحم نہ ےساح ینازاب یمک رپ زیطاس یمارکوپ روخ یسک ارخ یلاب نوک یتار ہک رٹیرکیس یرٹسنم کاس یک تاسیلام یک کراپ فلا یں ےس سنفرکن یرانس یمومع یسک یف یدوقر اوکنمپ لان یک طبارہ امرر رپ اےل نراسیرک یک عرم اکر و یلاٹمپ نیرس مسر یک الحم نہ ےساح ینازاب یمک رپ زیطاس یمارکوپ روخ یسک ارخ یلاب نوک یتار ہک رٹیرکیس یرٹسنم کاس یک تاسیلام یک کراپ فلا
اشتہار	43
ارخ یلاب نوک یتار ہک رٹیرکیس یرٹسنم کاس یک تاسیلام یک کراپ فلا یں ےس سنفرکن یرانس یمومع یسک یف یدوقر اوکنمپ لان یک طبارہ امرر رپ اےل نراسیرک یک عرم اکر و یلاٹمپ نیرس مسر یک الحم نہ ےساح ینازاب یمک رپ زیطاس یمارکوپ روخ یسک ارخ یلاب نوک یتار ہک رٹیرکیس
اشتہار	44
ارخ یلاب نوک یتار ہک رٹیرکیس یرٹسنم کاس یک تاسیلام یک کراپ فلا یں ےس سنفرکن یرانس یمومع یسک یف یدوقر اوکنمپ لان یک طبارہ امرر رپ اےل نراسیرک یک عرم اکر و یلاٹمپ نیرس مسر یک الحم نہ ےساح ینازاب یمک رپ زیطاس یمارکوپ روخ یسک ارخ یلاب نوک یتار ہک رٹیرکیس یرٹسنم کاس یک تاسیلام یک کراپ فلا یں ےس سنفرکن یرانس یمومع یسک یف یدوقر اوکنمپ لان یک طبارہ امرر رپ اےل نراسیرک یک عرم اکر و یلاٹمپ نیرس مسر یک الحم نہ ےساح ینازاب یمک رپ زیطاس یمارکوپ روخ یسک ارخ یلاب نوک یتار ہک رٹیرکیس یرٹسنم کاس یک تاسیلام یک کراپ فلا یں ےس سنفرکن یرانس یمومع یسک یف یدوقر اوکنمپ لان یک طبارہ امرر
اشتہار	45
ارخ یلاب نوک یتار ہک رٹیرکیس یرٹسنم کاس یک تاسیلام یک کراپ فلا یں ےس سنفرکن یرانس یمومع یسک یف یدوقر اوکنمپ لان یک طبارہ امرر
اشتہار	46
ارخ یلاب نوک یتار ہک رٹیرکیس یرٹسنم کاس یک تاسیلام یک کراپ فلا یں ےس سنفرکن یرانس یمومع یسک یف یدوقر اوکنمپ لان یک طبارہ امرر رپ اےل نراسیرک یک عرم اکر و یلاٹمپ نیرس مسر یک الحم نہ ےساح
اشتہار	47
ارخ یلاب نوک یتار ہک رٹیرکیس یرٹسنم کاس یک تاسیلام یک کراپ فلا یں ےس سنفرکن یرانس یمومع یسک یف یدوقر اوکنمپ لان یک طبارہ امرر رپ اےل نراسیرک یک عرم اکر و یلاٹمپ نیرس مسر یک الحم نہ ےساح
اشتہار	48
ارخ یلاب نوک یتار ہک رٹیرکیس یرٹسنم کاس یک تاسیلام یک کراپ فلا یں ےس سنفرکن یرانس یمومع یسک یف یدوقر اوکنمپ لان یک طبارہ امرر رپ اےل نراسیرک یک عرم اکر و یلاٹمپ نیرس مسر یک الحم نہ ےساح
اشتہار	49
ارخ یلاب نوک یتار ہک رٹیرکیس یرٹسنم کاس یک تاسیلام یک کراپ فلا یں ےس سنفرکن یرانس یمومع یسک یف یدوقر اوکنمپ لان یک طبارہ امرر رپ اےل نراسیرک یک عرم اکر و یلاٹمپ نیرس مسر یک الحم نہ ےساح
اشتہار	50
ارخ یلاب نوک یتار ہک رٹیرکیس یرٹسنم کاس یک تاسیلام یک کراپ فلا
اشتہار	51
ارخ یلاب نوک یتار ہک رٹیرکیس یرٹسنم کاس یک تاسیلام یک کراپ فلا یں ےس سنفرکن یرانس یمومع یسک یف یدوقر اوکنمپ لان یک طبارہ امرر رپ اےل نراسیرک یک عرم اکر و یلاٹمپ نیرس مسر یک الحم نہ ےساح ینازاب یمک رپ زیطاس یمارکوپ روخ یسک ارخ یلاب نوک یتار ہک رٹیرکیس یرٹسنم کاس یک تاسیلام یک کراپ فلا یں ےس سنفرکن یرانس یمومع یسک یف یدوقر اوکنمپ لان یک طبارہ امرر رپ اےل نراسیرک یک عرم اکر و یلاٹمپ نیرس مسر یک الحم نہ ےساح ینازاب یمک رپ زیطاس یمارکوپ روخ یسک ارخ یلاب نوک یتار ہک رٹیرکیس یرٹسنم کاس یک تاسیلام یک کراپ فلا یں ےس سنفرکن یرانس یمومع یسک یف یدوقر اوکنمپ لان یک طبارہ امرر رپ اےل نراسیرک یک عرم اکر و یلاٹمپ نیرس مسر یک الحم نہ ےساح
اشتہار	52
ارخ یلاب نوک یتار ہک رٹیرکیس یرٹسنم کاس یک تاسیلام یک کراپ فلا یں ےس سنفرکن یرانس یمومع یسک یف یدوقر اوکنمپ لان یک طبارہ امرر رپ اےل نراسیرک یک عرم اکر و یلاٹمپ نیرس مسر یک الحم نہ ےساح ینازاب یمک رپ زیطاس یمارکوپ روخ یسک ارخ یلاب نوک یتار ہک رٹیرکیس یرٹسنم کاس یک تاسیلام یک کراپ فلا یں ےس سنفرکن یرانس یمومع یسک یف یدوقر اوکنمپ لان یک طبارہ امرر رپ اےل نراسیرک یک عرم اکر و یلاٹمپ نیرس مسر یک الحم نہ ےساح ینازاب یمک رپ زیطاس یمارکوپ روخ
اشتہار	53
اشتہار	54
ارخ یلاب نوک یتار ہک رٹیرکیس یرٹسنم کاس یک تاسیلام یک کراپ فلا یں ےس سنفرکن یرانس یمومع یسک یف یدوقر اوکنمپ لان یک طبارہ امرر رپ اےل نراسیرک یک عرم اکر و یلاٹمپ نیرس مسر یک الحم نہ ےساح ینازاب یمک رپ زیطاس یمارکوپ روخ یسک ارخ یلاب نوک یتار ہک رٹیرکیس
اشتہار	55
ارخ یلاب نوک یتار ہک رٹیرکیس یرٹسنم کاس یک تاسیلام یک کراپ فلا یں ےس سنفرکن یرانس یمومع یسک یف یدوقر اوکنمپ لان یک طبارہ امرر رپ اےل نراسیرک یک عرم اکر و یلاٹمپ نیرس مسر یک الحم نہ ےساح ینازاب یمک رپ زیطاس یمارکوپ روخ یسک ارخ یلاب نوک یتار ہک رٹیرکیس یرٹسنم کاس یک تاسیلام یک کراپ فلا یں ےس سنفرکن یرانس یمومع یسک یف یدوقر اوکنمپ لان یک طبارہ امرر رپ اےل نراسیرک یک عرم اکر و
اشتہار	56
ارخ یلاب نوک یتار ہک رٹیرکیس یرٹسنم کاس یک تاسیلام یک کراپ فلا یں ےس سنفرکن یرانس یمومع یسک یف یدوقر اوکنمپ لان یک طبارہ امرر رپ اےل نراسیرک یک عرم اکر و یلاٹمپ نیرس مسر یک الحم نہ ےساح ینازاب یمک رپ زیطاس یمارکوپ روخ یسک ارخ یلاب نوک یتار ہک رٹیرکیس یرٹسنم کاس یک تاسیلام یک کراپ فلا یں ےس سنفرکن یرانس یمومع یسک
اشتہار	57
ارخ یلاب نوک یتار ہک رٹیرکیس یرٹسنم کاس یک تاسیلام یک کراپ فلا یں ےس سنفرکن یرانس یمومع یسک یف یدوقر اوکنمپ لان یک طبارہ امرر رپ اےل نراسیرک یک عرم اکر و یلاٹمپ نیرس مسر یک الحم نہ ےساح ینازاب یمک رپ زیطاس یمارکوپ روخ یسک ارخ یلاب نوک یتار ہک رٹیرکیس
اشتہار	58
ارخ یلاب نوک یتار ہک رٹیرکیس یرٹسنم کاس یک تاسیلام یک کراپ فلا یں ےس سنفرکن یرانس یمومع یسک یف یدوقر اوکنمپ لان یک طبارہ امرر رپ اےل نراسیرک یک عرم اکر و یلاٹمپ نیرس مسر یک الحم نہ ےساح ینازاب یمک رپ زیطاس یمارکوپ روخ یسک ارخ یلاب نوک یتار ہک رٹیرکیس یرٹسنم کاس یک تاسیلام یک کراپ فلا یں ےس سنفرکن یرانس یمومع یسک یف یدوقر اوکنمپ لان یک طبارہ امرر رپ اےل نراسیرک یک عرم اکر و یلاٹمپ نیرس مسر یک الحم نہ ےساح ینازاب یمک رپ زیطاس یمارکوپ روخ یسک ارخ یلاب نوک یتار ہک رٹیرکیس یرٹسنم کاس یک تاسیلام یک کراپ فلا یں ےس سنفرکن یرانس یمومع یسک یف یدوقر اوکنمپ لان یک طبارہ امرر رپ اےل نراسیرک یک عرم اکر و یلاٹمپ نیرس مسر یک الحم نہ ےساح
اشتہار	59
ارخ یلاب نوک یتار ہک رٹیرکیس یرٹسنم کاس یک تاسیلام یک کراپ فلا یں ےس سنفرکن یرانس یمومع یسک یف یدوقر اوکنمپ لان یک طبارہ امرر رپ اےل نراسیرک یک عرم اکر و یلاٹمپ نیرس مسر یک الحم نہ ےساح ینازاب یمک رپ زیطاس یمارکوپ روخ یسک ارخ یلاب نوک یتار ہک رٹیرکیس یرٹسنم کاس یک تاسیلام یک کراپ فلا یں ےس سنفرکن یرانس یمومع یسک یف یدوقر اوکنمپ لان یک طبارہ امرر رپ اےل نراسیرک یک عرم اکر و یلاٹمپ نیرس مسر یک الحم نہ ےساح ینازاب یمک رپ زیطاس یمارکوپ روخ
ارخ یلاب نوک یتار ہک رٹیرکیس یرٹسنم کاس یک تاسیلام یک کراپ فلا یں ےس سنفرکن یرانس یمومع یسک یف یدوقر اوکنمپ لان یک طبارہ امرر رپ اےل نراسیرک یک عرم اکر و یلاٹمپ نیرس مسر یک الحم نہ ےساح ینازاب یمک رپ
اشتہار	60
ارخ یلاب نوک یتار ہک رٹیرکیس یرٹسنم کاس یک تاسیلام یک کراپ فلا یں ےس سنفرکن یرانس یمومع یسک یف یدوقر اوکنمپ لان یک طبارہ امرر رپ اےل نراسیرک یک عرم اکر و یلاٹمپ نیرس مسر یک الحم نہ ےساح ینازاب یمک رپ زیطاس یمارکوپ روخ یسک ارخ یلاب نوک یتار ہک رٹیرکیس یرٹسنم کاس یک تاسیلام یک کراپ فلا یں ےس سنفرکن یرانس یمومع یسک یف یدوقر اوکنمپ لان یک طبارہ امرر رپ اےل نراسیرک یک عرم اکر و یلاٹمپ نیرس مسر یک الحم نہ ےساح ینازاب یمک رپ زیطاس یمارکوپ روخ یسک ارخ یلاب نوک یتار ہک رٹیرکیس یرٹسنم کاس یک تاسیلام یک کراپ فلا یں ےس سنفرکن یرانس یمومع یسک یف یدوقر اوکنمپ لان یک طبارہ امرر رپ اےل نراسیرک یک عرم اکر و یلاٹمپ نیرس مسر یک الحم نہ ےساح ینازاب یمک رپ زیطاس
اشتہار	61
ارخ یلاب نوک یتار ہک رٹیرکیس یرٹسنم کاس یک تاسیلام یک کراپ فلا یں ےس سنفرکن یرانس یمومع یسک یف یدوقر اوکنمپ لان یک طبارہ امرر رپ اےل نراسیرک یک عرم اکر و یلاٹمپ نیرس مسر یک الحم نہ ےساح ینازاب یمک رپ زیطاس یمارکوپ روخ یسک ارخ یلاب نوک یتار ہک رٹیرکیس یرٹسنم کاس یک تاسیلام یک کراپ فلا یں ےس سنفرکن یرانس یمومع یسک یف یدوقر اوکنمپ لان یک طبارہ امرر رپ اےل نراسیرک یک عرم اکر و یلاٹمپ نیرس مسر یک الحم نہ ےساح ینازاب یمک رپ زیطاس یمارکوپ روخ یسک ارخ یلاب نوک یتار ہک رٹیرکیس یرٹسنم کاس یک تاسیلام یک کراپ فلا یں ےس سنفرکن یرانس یمومع یسک یف یدوقر اوکنمپ لان یک طبارہ امرر رپ اےل نراسیرک یک عرم اکر و یلاٹمپ نیرس مسر یک الحم نہ ےساح ینازاب یمک رپ زیطاس یمارکوپ روخ یسک ارخ یلاب نوک یتار ہک رٹیرکیس یرٹسنم کاس یک تاسیلام یک کراپ فلا یں ےس سنفرکن یرانس یمومع یسک یف یدوقر اوکنمپ لان یک
اشتہار	62
ارخ یلاب نوک یتار ہک رٹیرکیس یرٹسنم کاس یک تاسیلام یک کراپ فلا یں ےس سنفرکن یرانس یمومع یسک یف یدوقر اوکنمپ لان یک طبارہ امرر رپ اےل نراسیرک یک عرم اکر و یلاٹمپ نیرس مسر یک الحم نہ ےساح ینازاب یمک رپ زیطاس یمارکوپ روخ یسک ارخ یلاب نوک یتار ہک رٹیرکیس یرٹسنم کاس یک تاسیلام یک کراپ فلا یں ےس سنفرکن یرانس یمومع یسک یف یدوقر اوکنمپ لان یک طبارہ امرر رپ اےل نراسیرک یک عرم اکر و یلاٹمپ نیرس مسر یک الحم نہ ےساح ینازاب یمک رپ زیطاس یمارکوپ روخ یسک ارخ یلاب نوک یتار ہک رٹیرکیس یرٹسنم کاس یک تاسیلام یک کراپ فلا یں ےس سنفرکن یرانس یمومع یسک یف یدوقر اوکنمپ لان یک طبارہ امرر رپ اےل نراسیرک یک عرم اکر و یلاٹمپ نیرس مسر یک الحم نہ ےساح ینازاب یمک رپ زیطاس یمارکوپ روخ یسک ارخ یلاب نوک یتار ہک رٹیرکیس یرٹسنم کاس یک تاسیلام یک کراپ فلا یں ےس سنفرکن یرانس یمومع یسک یف یدوقر اوکنمپ لان یک طبارہ امرر رپ اےل نراسیرک یک عرم اکر و یلاٹمپ نیرس مسر یک الحم نہ
اشتہار	63
ارخ یلاب نوک یتار ہک رٹیرکیس یرٹسنم کاس یک تاسیلام یک کراپ فلا یں ےس سنفرکن یرانس یمومع یسک یف یدوقر اوکنمپ لان یک طبارہ امرر رپ اےل
اشتہار	64
ارخ یلاب نوک یتار ہک رٹیرکیس یرٹسنم کاس یک تاسیلام یک کراپ فلا یں ےس سنفرکن یرانس یمومع یسک یف یدوقر اوکنمپ لان یک طبارہ امرر رپ اےل نراسیرک یک عرم اکر و یلاٹمپ نیرس مسر یک الحم نہ ےساح ینازاب یمک رپ زیطاس یمارکوپ روخ یسک ارخ یلاب نوک یتار ہک رٹیرکیس یرٹسنم کاس یک
اشتہار	65
ارخ یلاب نوک یتار ہک رٹیرکیس یرٹسنم کاس یک تاسیلام یک کراپ فلا یں ےس سنفرکن یرانس یمومع یسک یف یدوقر اوکنمپ لان یک طبارہ امرر رپ اےل نراسیرک یک عرم اکر و یلاٹمپ نیرس مسر یک الحم نہ ےساح ینازاب یمک رپ
اشتہار	66
ارخ یلاب نوک یتار ہک رٹیرکیس یرٹسنم کاس یک تاسیلام یک کراپ فلا یں ےس سنفرکن یرانس یمومع یسک یف یدوقر اوکنمپ لان یک طبارہ امرر رپ اےل نراسیرک یک عرم اکر و یلاٹمپ نیرس مسر یک الحم نہ ےساح ینازاب یمک رپ زیطاس یمارکوپ روخ یسک ارخ یلاب نوک یتار ہک رٹیرکیس یرٹسنم کاس یک تاسیلام یک کراپ فلا یں ےس سنفرکن یرانس یمومع یسک یف یدوقر اوکنمپ لان یک طبارہ امرر رپ اےل نراسیرک یک عرم اکر و یلاٹمپ نیرس مسر یک الحم نہ ےساح ینازاب یمک رپ زیطاس یمارکوپ روخ یسک ارخ یلاب نوک یتار ہک رٹیرکیس یرٹسنم کاس یک تاسیلام یک کراپ فلا یں ےس سنفرکن یرانس یمومع یسک یف یدوقر اوکنمپ لان یک طبارہ امرر رپ اےل نراسیرک یک عرم اکر و یلاٹمپ نیرس مسر یک الحم نہ ےساح ینازاب یمک رپ زیطاس یمارکوپ روخ یسک ارخ یلاب نوک یتار ہک رٹیرکیس یرٹسنم کاس یک تاسیلام یک کراپ فلا یں ےس سنفرکن یرانس یمومع یسک یف یدوقر اوکنمپ لان یک
اشتہار	67
ارخ یلاب نوک یتار ہک رٹیرکیس یرٹسنم کاس یک تاسیلام یک کراپ فلا یں ےس
اشتہار	68
